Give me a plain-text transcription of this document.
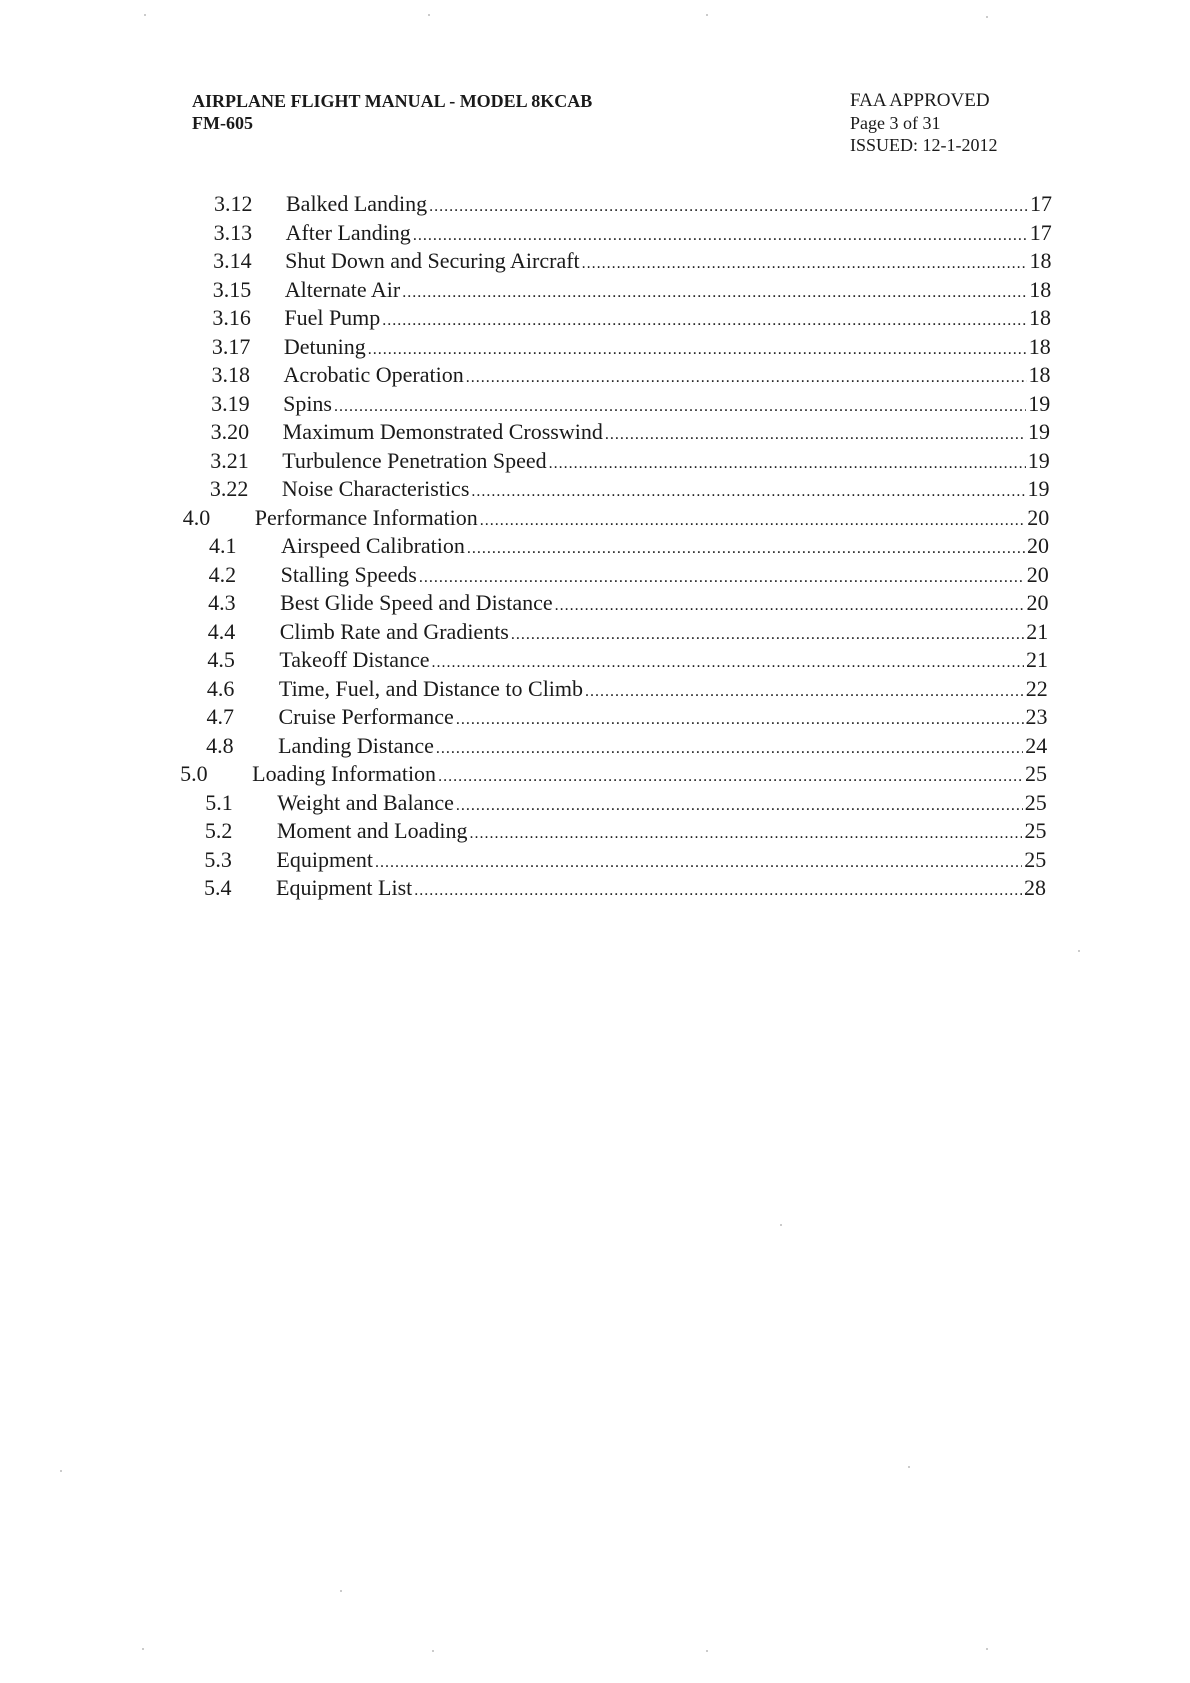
AIRPLANE FLIGHT MANUAL - MODEL 8KCAB
FM-605
FAA APPROVED
Page 3 of 31
ISSUED: 12-1-2012
3.12 Balked Landing .....	17
3.13 After Landing .....	17
3.14 Shut Down and Securing Aircraft .....	18
3.15 Alternate Air .....	18
3.16 Fuel Pump .....	18
3.17 Detuning .....	18
3.18 Acrobatic Operation .....	18
3.19 Spins .....	19
3.20 Maximum Demonstrated Crosswind .....	19
3.21 Turbulence Penetration Speed .....	19
3.22 Noise Characteristics .....	19
4.0 Performance Information .....	20
4.1 Airspeed Calibration .....	20
4.2 Stalling Speeds .....	20
4.3 Best Glide Speed and Distance .....	20
4.4 Climb Rate and Gradients .....	21
4.5 Takeoff Distance .....	21
4.6 Time, Fuel, and Distance to Climb .....	22
4.7 Cruise Performance .....	23
4.8 Landing Distance .....	24
5.0 Loading Information .....	25
5.1 Weight and Balance .....	25
5.2 Moment and Loading .....	25
5.3 Equipment .....	25
5.4 Equipment List .....	28
